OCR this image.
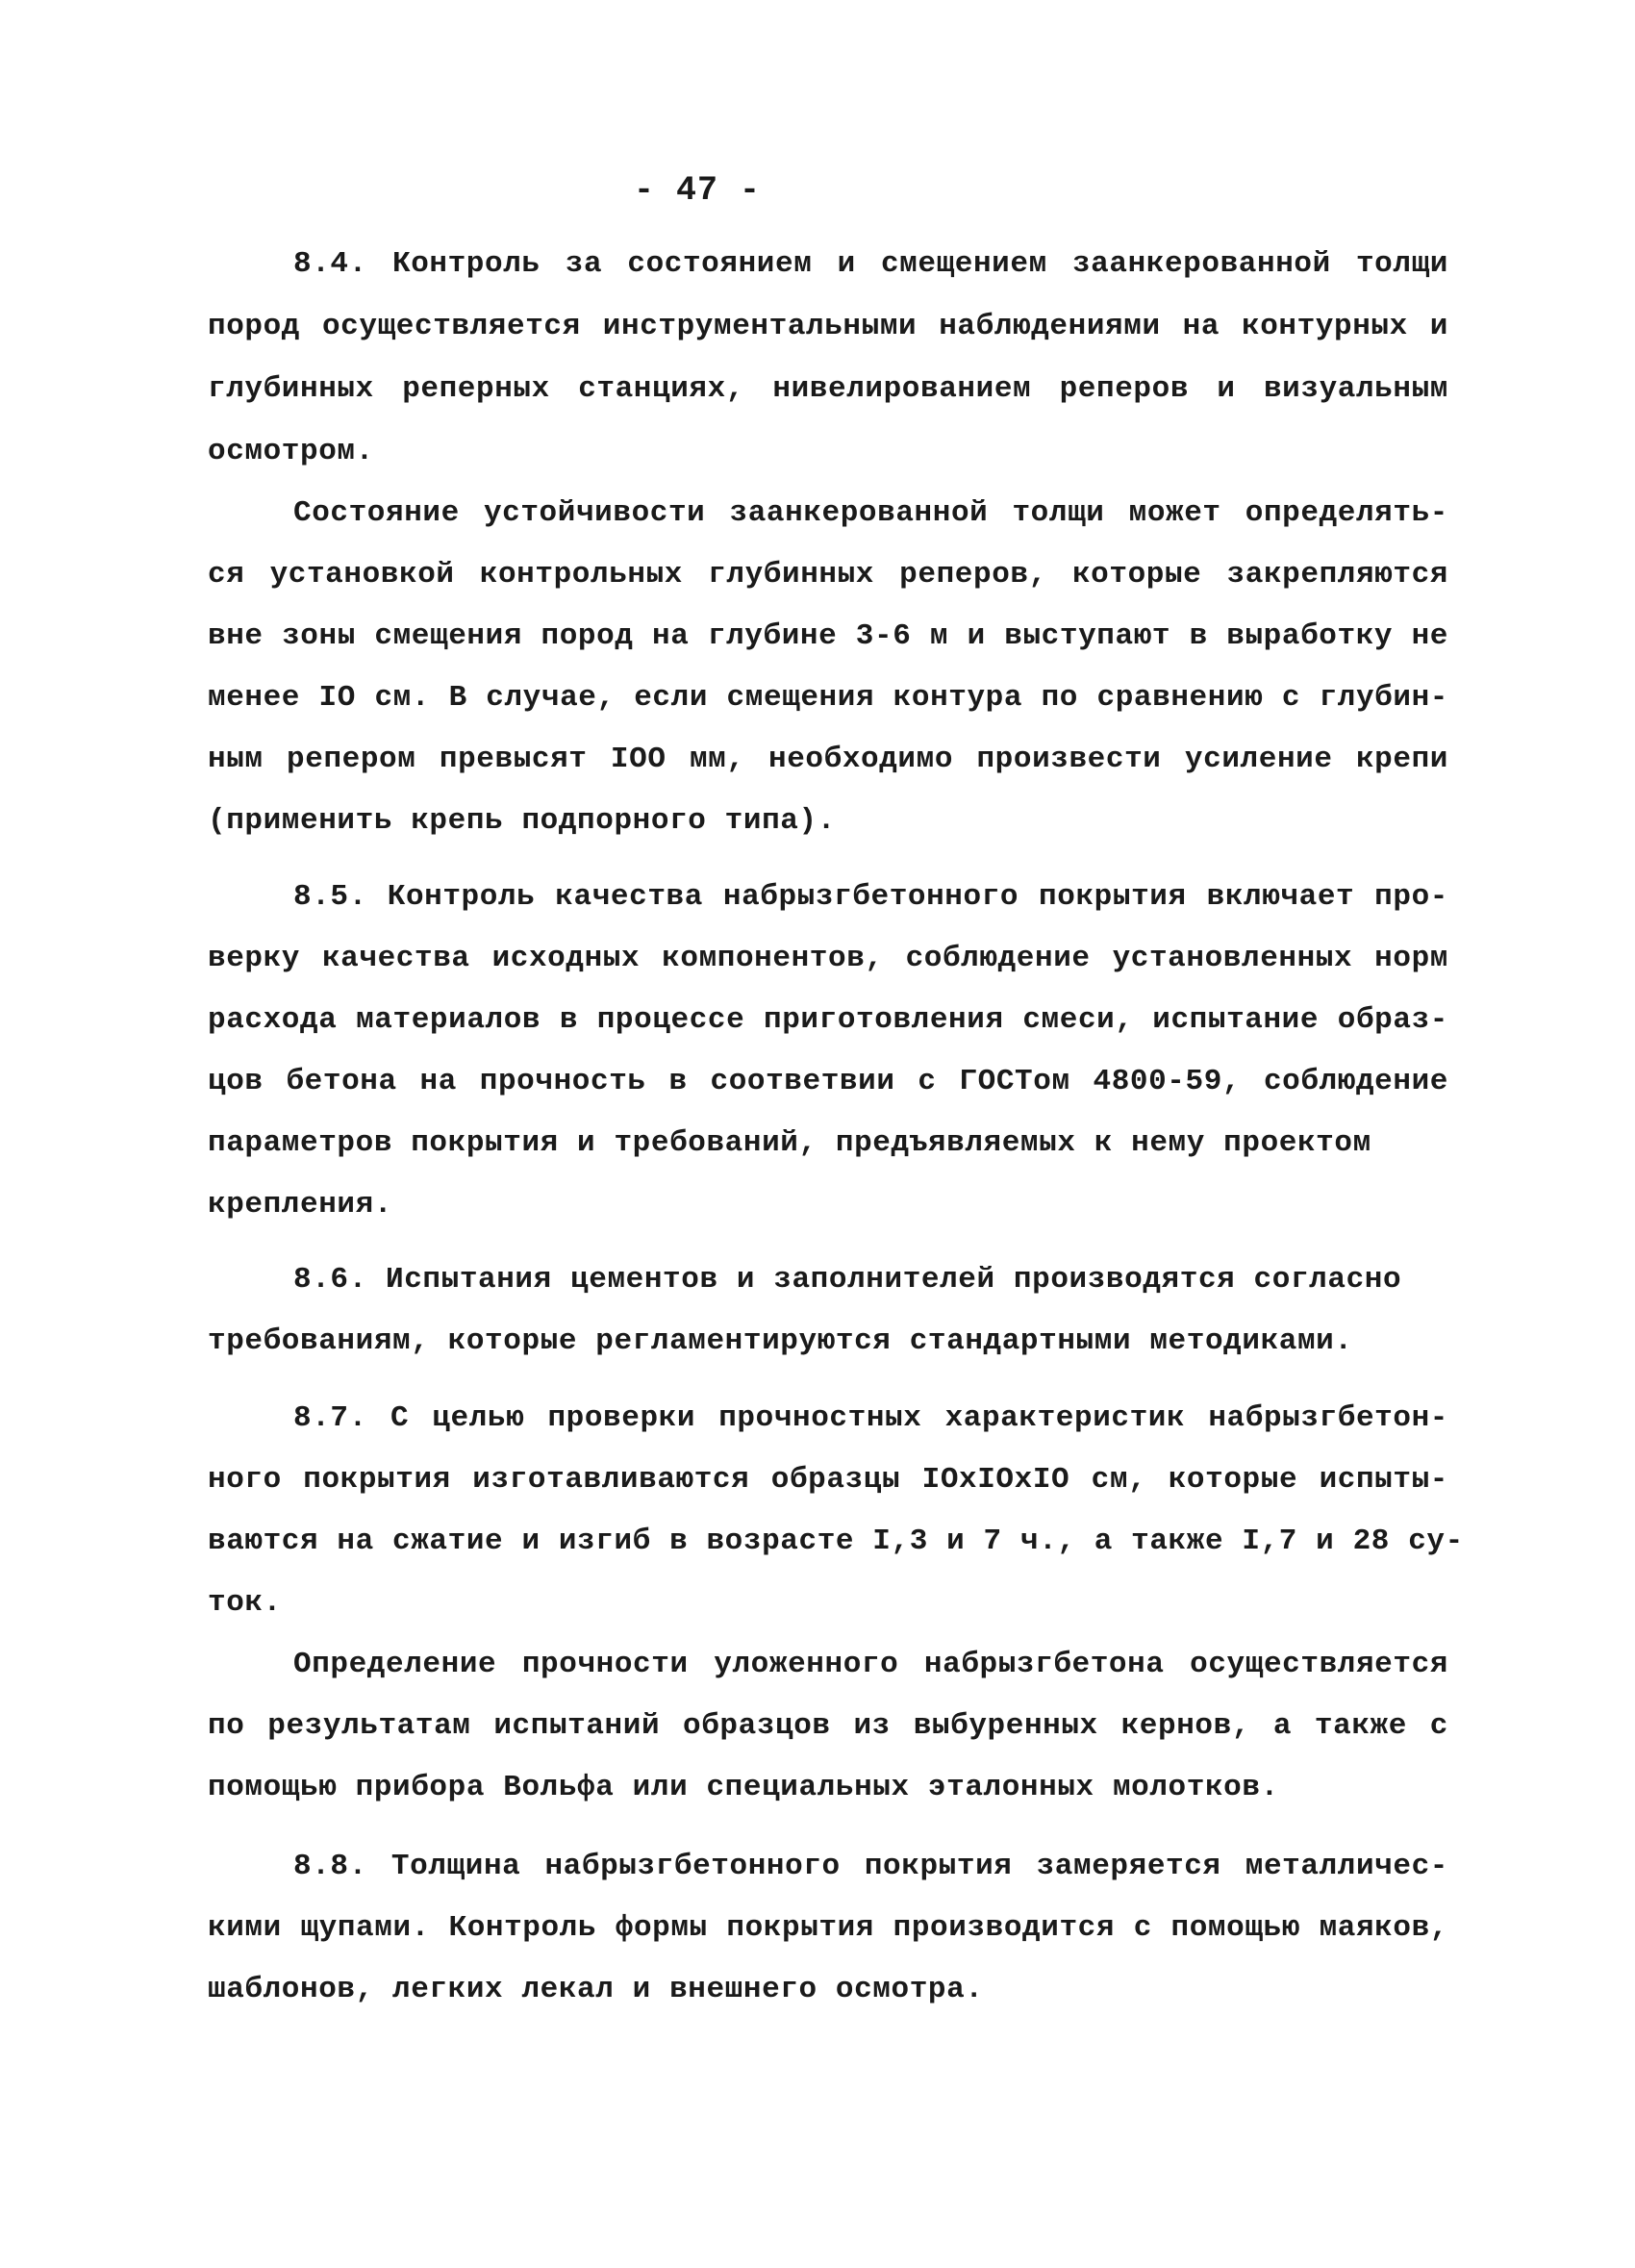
- 47 -
8.4. Контроль за состоянием и смещением заанкерованной толщи
пород осуществляется инструментальными наблюдениями на контурных и
глубинных реперных станциях, нивелированием реперов и визуальным
осмотром.
Состояние устойчивости заанкерованной толщи может определять-
ся установкой контрольных глубинных реперов, которые закрепляются
вне зоны смещения пород на глубине 3-6 м и выступают в выработку не
менее IO см. В случае, если смещения контура по сравнению с глубин-
ным репером превысят IOO мм, необходимо произвести усиление крепи
(применить крепь подпорного типа).
8.5. Контроль качества набрызгбетонного покрытия включает про-
верку качества исходных компонентов, соблюдение установленных норм
расхода материалов в процессе приготовления смеси, испытание образ-
цов бетона на прочность в соответвии с ГОСТом 4800-59, соблюдение
параметров покрытия и требований, предъявляемых к нему проектом
крепления.
8.6. Испытания цементов и заполнителей производятся согласно
требованиям, которые регламентируются стандартными методиками.
8.7. С целью проверки прочностных характеристик набрызгбетон-
ного покрытия изготавливаются образцы IOxIOxIO см, которые испыты-
ваются на сжатие и изгиб в возрасте I,3 и 7 ч., а также I,7 и 28 су-
ток.
Определение прочности уложенного набрызгбетона осуществляется
по результатам испытаний образцов из выбуренных кернов, а также с
помощью прибора Вольфа или специальных эталонных молотков.
8.8. Толщина набрызгбетонного покрытия замеряется металличес-
кими щупами. Контроль формы покрытия производится с помощью маяков,
шаблонов, легких лекал и внешнего осмотра.
